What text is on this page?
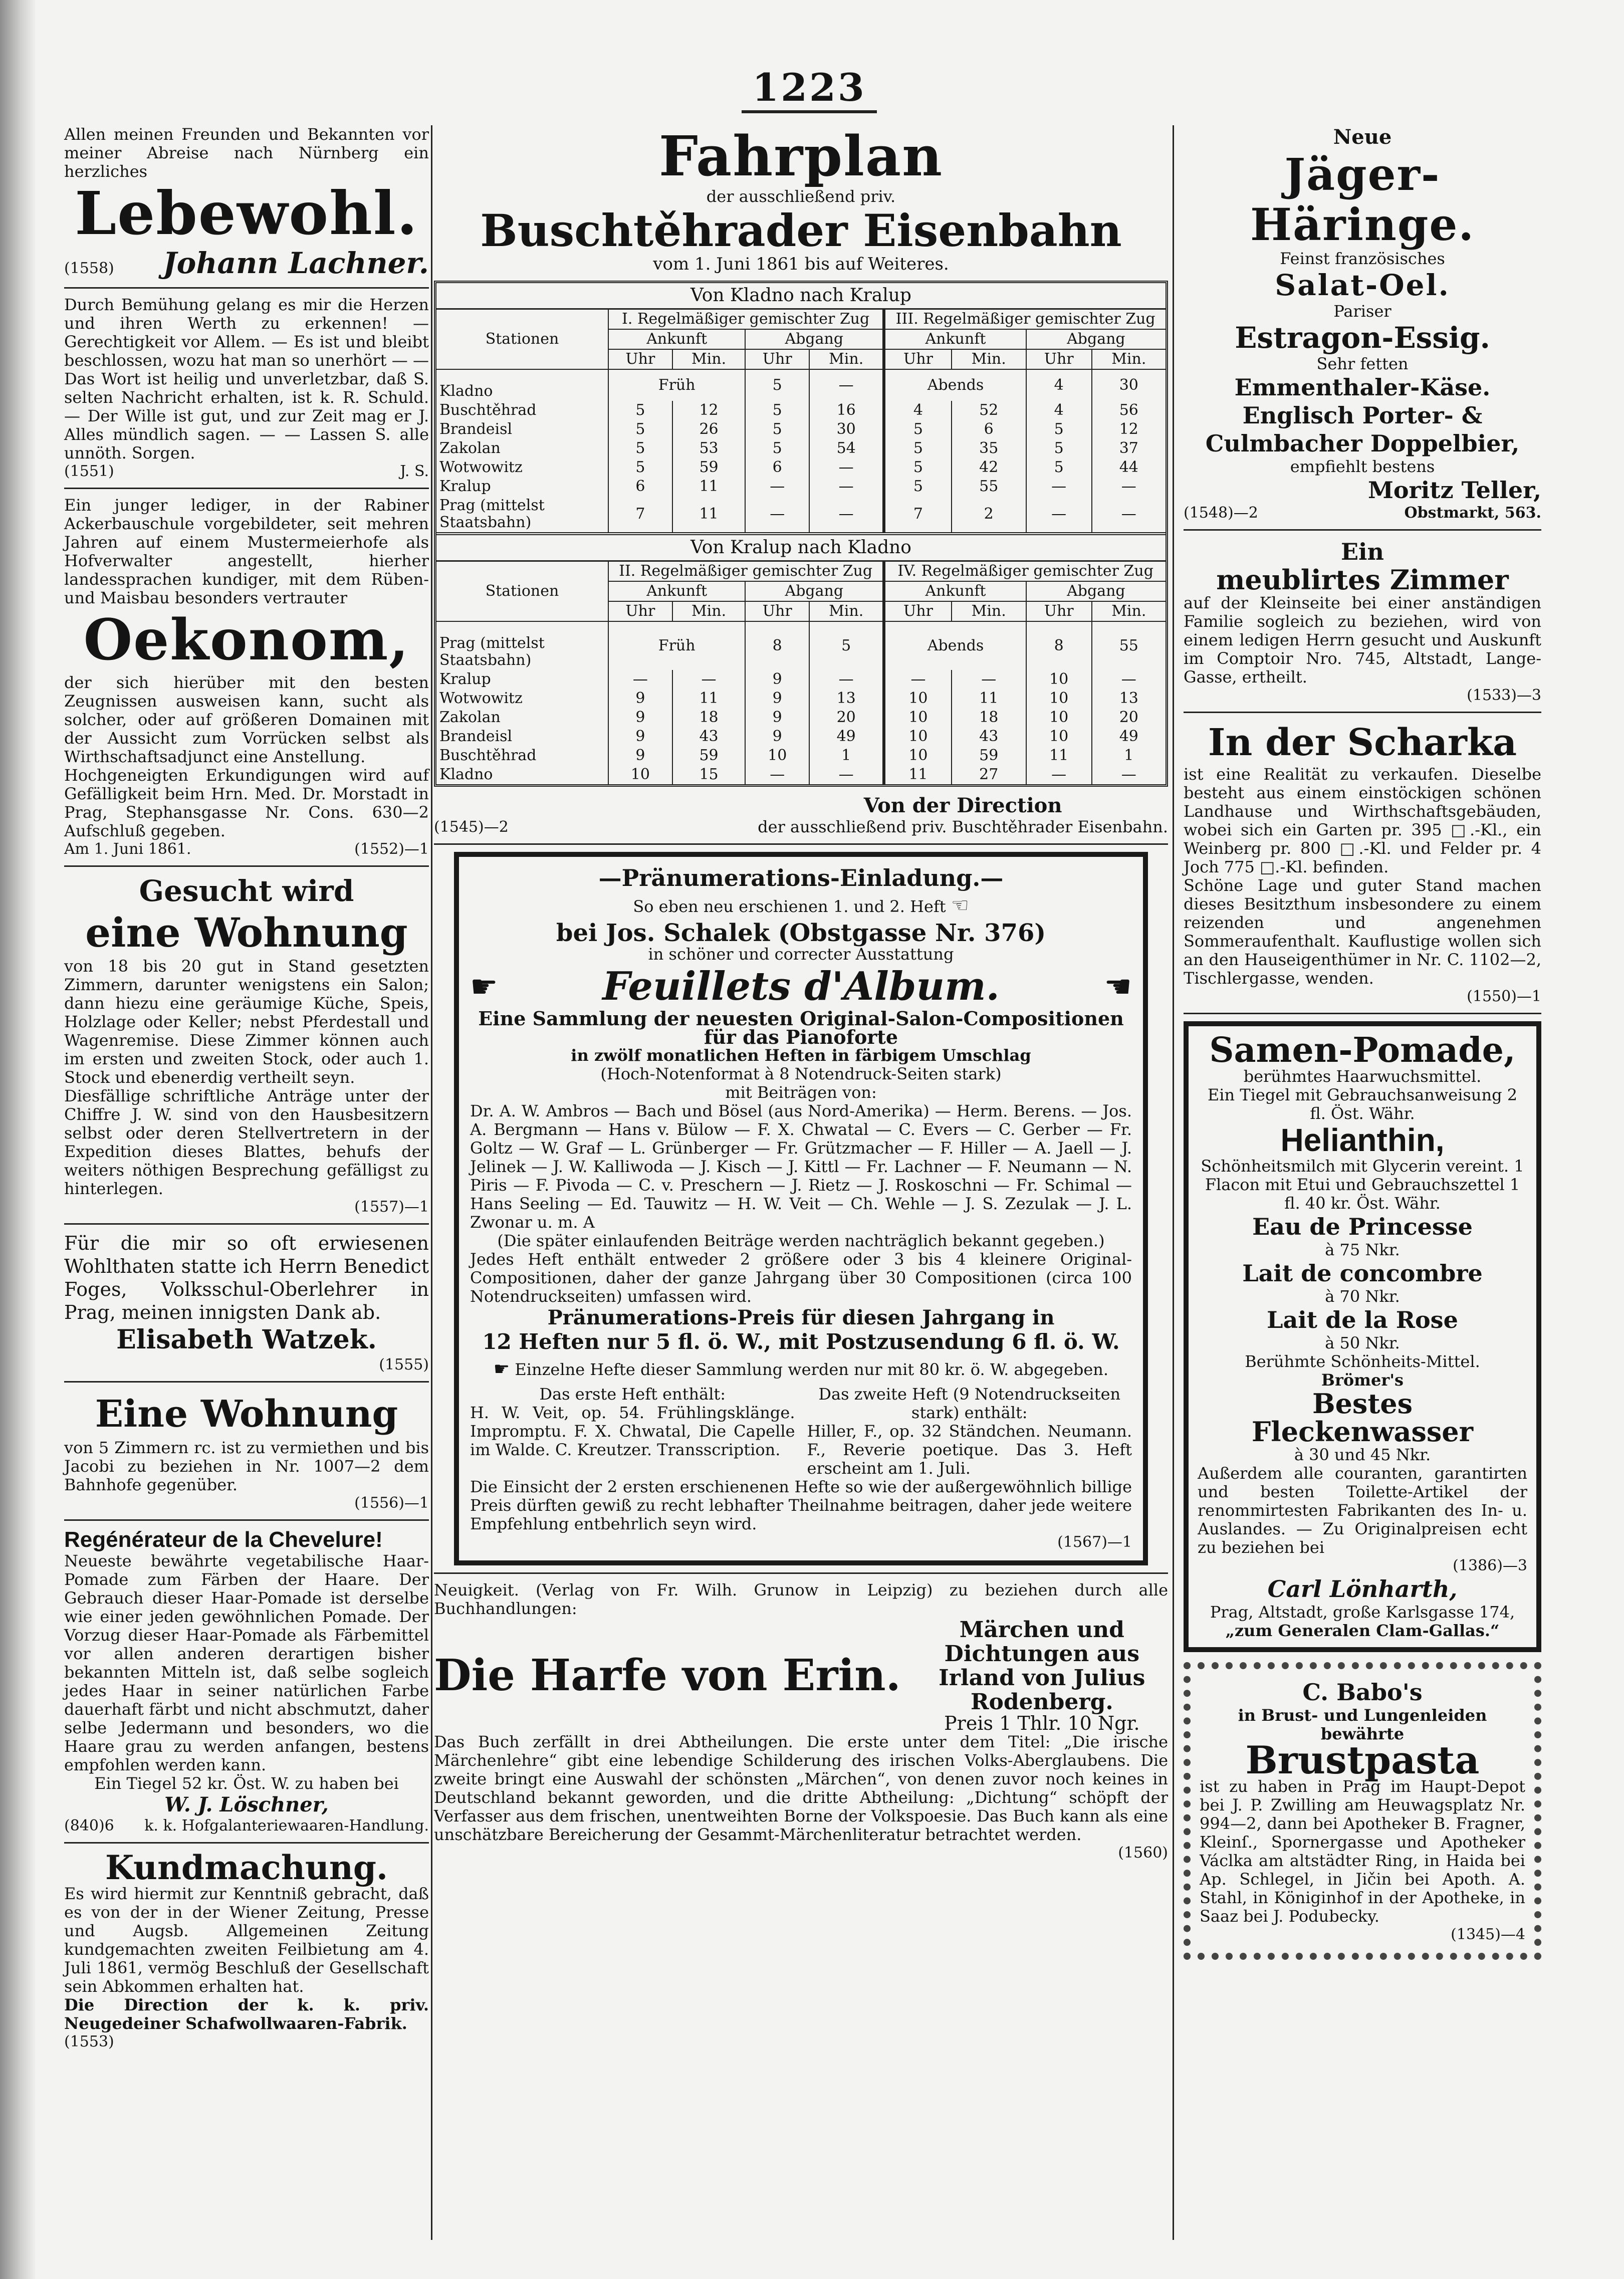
1223

Allen meinen Freunden und Bekannten vor meiner Abreise nach Nürnberg ein herzliches

Lebewohl.

(1558) Johann Lachner.

Durch Bemühung gelang es mir die Herzen und ihren Werth zu erkennen! — Gerechtigkeit vor Allem. — Es ist und bleibt beschlossen, wozu hat man so unerhört — — Das Wort ist heilig und unverletzbar, daß S. selten Nachricht erhalten, ist k. R. Schuld. — Der Wille ist gut, und zur Zeit mag er J. Alles mündlich sagen. — — Lassen S. alle unnöth. Sorgen.

(1551)	J. S.

Ein junger lediger, in der Rabiner Ackerbauschule vorgebildeter, seit mehren Jahren auf einem Mustermeierhofe als Hofverwalter angestellt, hierher landessprachen kundiger, mit dem Rüben- und Maisbau besonders vertrauter

Oekonom,

der sich hierüber mit den besten Zeugnissen ausweisen kann, sucht als solcher, oder auf größeren Domainen mit der Aussicht zum Vorrücken selbst als Wirthschaftsadjunct eine Anstellung.

Hochgeneigten Erkundigungen wird auf Gefälligkeit beim Hrn. Med. Dr. Morstadt in Prag, Stephansgasse Nr. Cons. 630—2 Aufschluß gegeben.

Am 1. Juni 1861.	(1552)—1

Gesucht wird

eine Wohnung

von 18 bis 20 gut in Stand gesetzten Zimmern, darunter wenigstens ein Salon; dann hiezu eine geräumige Küche, Speis, Holzlage oder Keller; nebst Pferdestall und Wagenremise. Diese Zimmer können auch im ersten und zweiten Stock, oder auch 1. Stock und ebenerdig vertheilt seyn.

Diesfällige schriftliche Anträge unter der Chiffre J. W. sind von den Hausbesitzern selbst oder deren Stellvertretern in der Expedition dieses Blattes, behufs der weiters nöthigen Besprechung gefälligst zu hinterlegen.

(1557)—1

Für die mir so oft erwiesenen Wohlthaten statte ich Herrn Benedict Foges, Volksschul-Oberlehrer in Prag, meinen innigsten Dank ab.

Elisabeth Watzek.

(1555)

Eine Wohnung

von 5 Zimmern rc. ist zu vermiethen und bis Jacobi zu beziehen in Nr. 1007—2 dem Bahnhofe gegenüber.

(1556)—1

Regénérateur de la Chevelure!

Neueste bewährte vegetabilische Haar-Pomade zum Färben der Haare. Der Gebrauch dieser Haar-Pomade ist derselbe wie einer jeden gewöhnlichen Pomade. Der Vorzug dieser Haar-Pomade als Färbemittel vor allen anderen derartigen bisher bekannten Mitteln ist, daß selbe sogleich jedes Haar in seiner natürlichen Farbe dauerhaft färbt und nicht abschmutzt, daher selbe Jedermann und besonders, wo die Haare grau zu werden anfangen, bestens empfohlen werden kann.

Ein Tiegel 52 kr. Öst. W. zu haben bei

W. J. Löschner,

(840)6 k. k. Hofgalanteriewaaren-Handlung.

Kundmachung.

Es wird hiermit zur Kenntniß gebracht, daß es von der in der Wiener Zeitung, Presse und Augsb. Allgemeinen Zeitung kundgemachten zweiten Feilbietung am 4. Juli 1861, vermög Beschluß der Gesellschaft sein Abkommen erhalten hat.

Die Direction der k. k. priv. Neugedeiner Schafwollwaaren-Fabrik.

(1553)

Fahrplan

der ausschließend priv.

Buschtěhrader Eisenbahn

vom 1. Juni 1861 bis auf Weiteres.

Von Kladno nach Kralup								
Stationen	I. Regelmäßiger gemischter Zug				III. Regelmäßiger gemischter Zug			
	Ankunft		Abgang		Ankunft		Abgang	
	Uhr	Min.	Uhr	Min.	Uhr	Min.	Uhr	Min.
Kladno	Früh		5	—	Abends		4	30
Buschtěhrad	5	12	5	16	4	52	4	56
Brandeisl	5	26	5	30	5	6	5	12
Zakolan	5	53	5	54	5	35	5	37
Wotwowitz	5	59	6	—	5	42	5	44
Kralup	6	11	—	—	5	55	—	—
Prag (mittelst Staatsbahn)	7	11	—	—	7	2	—	—
Von Kralup nach Kladno								
Stationen	II. Regelmäßiger gemischter Zug				IV. Regelmäßiger gemischter Zug			
	Ankunft		Abgang		Ankunft		Abgang	
	Uhr	Min.	Uhr	Min.	Uhr	Min.	Uhr	Min.
Prag (mittelst Staatsbahn)	Früh		8	5	Abends		8	55
Kralup	—	—	9	—	—	—	10	—
Wotwowitz	9	11	9	13	10	11	10	13
Zakolan	9	18	9	20	10	18	10	20
Brandeisl	9	43	9	49	10	43	10	49
Buschtěhrad	9	59	10	1	10	59	11	1
Kladno	10	15	—	—	11	27	—	—
(1545)—2

Von der Direction

der ausschließend priv. Buschtěhrader Eisenbahn.

—Pränumerations-Einladung.—

So eben neu erschienen 1. und 2. Heft ☜

bei Jos. Schalek (Obstgasse Nr. 376)

in schöner und correcter Ausstattung

☛	Feuillets d'Album.	☚

Eine Sammlung der neuesten Original-Salon-Compositionen

für das Pianoforte

in zwölf monatlichen Heften in färbigem Umschlag

(Hoch-Notenformat à 8 Notendruck-Seiten stark)

mit Beiträgen von:

Dr. A. W. Ambros — Bach und Bösel (aus Nord-Amerika) — Herm. Berens. — Jos. A. Bergmann — Hans v. Bülow — F. X. Chwatal — C. Evers — C. Gerber — Fr. Goltz — W. Graf — L. Grünberger — Fr. Grützmacher — F. Hiller — A. Jaell — J. Jelinek — J. W. Kalliwoda — J. Kisch — J. Kittl — Fr. Lachner — F. Neumann — N. Piris — F. Pivoda — C. v. Preschern — J. Rietz — J. Roskoschni — Fr. Schimal — Hans Seeling — Ed. Tauwitz — H. W. Veit — Ch. Wehle — J. S. Zezulak — J. L. Zwonar u. m. A

(Die später einlaufenden Beiträge werden nachträglich bekannt gegeben.)

Jedes Heft enthält entweder 2 größere oder 3 bis 4 kleinere Original-Compositionen, daher der ganze Jahrgang über 30 Compositionen (circa 100 Notendruckseiten) umfassen wird.

Pränumerations-Preis für diesen Jahrgang in

12 Heften nur 5 fl. ö. W., mit Postzusendung 6 fl. ö. W.

☛ Einzelne Hefte dieser Sammlung werden nur mit 80 kr. ö. W. abgegeben.

Das erste Heft enthält:

H. W. Veit, op. 54. Frühlingsklänge. Impromptu. F. X. Chwatal, Die Capelle im Walde. C. Kreutzer. Transscription.

Das zweite Heft (9 Notendruckseiten stark) enthält:

Hiller, F., op. 32 Ständchen. Neumann. F., Reverie poetique. Das 3. Heft erscheint am 1. Juli.

Die Einsicht der 2 ersten erschienenen Hefte so wie der außergewöhnlich billige Preis dürften gewiß zu recht lebhafter Theilnahme beitragen, daher jede weitere Empfehlung entbehrlich seyn wird.

(1567)—1

Neuigkeit. (Verlag von Fr. Wilh. Grunow in Leipzig) zu beziehen durch alle Buchhandlungen:

Die Harfe von Erin.

Märchen und Dichtungen aus Irland von Julius Rodenberg.

Preis 1 Thlr. 10 Ngr.

Das Buch zerfällt in drei Abtheilungen. Die erste unter dem Titel: „Die irische Märchenlehre“ gibt eine lebendige Schilderung des irischen Volks-Aberglaubens. Die zweite bringt eine Auswahl der schönsten „Märchen“, von denen zuvor noch keines in Deutschland bekannt geworden, und die dritte Abtheilung: „Dichtung“ schöpft der Verfasser aus dem frischen, unentweihten Borne der Volkspoesie. Das Buch kann als eine unschätzbare Bereicherung der Gesammt-Märchenliteratur betrachtet werden.

(1560)

Neue

Jäger-Häringe.

Feinst französisches

Salat-Oel.

Pariser

Estragon-Essig.

Sehr fetten

Emmenthaler-Käse.

Englisch Porter- & Culmbacher Doppelbier,

empfiehlt bestens

Moritz Teller,

(1548)—2	Obstmarkt, 563.

Ein

meublirtes Zimmer

auf der Kleinseite bei einer anständigen Familie sogleich zu beziehen, wird von einem ledigen Herrn gesucht und Auskunft im Comptoir Nro. 745, Altstadt, Lange-Gasse, ertheilt.

(1533)—3

In der Scharka

ist eine Realität zu verkaufen. Dieselbe besteht aus einem einstöckigen schönen Landhause und Wirthschaftsgebäuden, wobei sich ein Garten pr. 395 □.-Kl., ein Weinberg pr. 800 □.-Kl. und Felder pr. 4 Joch 775 □.-Kl. befinden.

Schöne Lage und guter Stand machen dieses Besitzthum insbesondere zu einem reizenden und angenehmen Sommeraufenthalt. Kauflustige wollen sich an den Hauseigenthümer in Nr. C. 1102—2, Tischlergasse, wenden.

(1550)—1

Samen-Pomade,

berühmtes Haarwuchsmittel.

Ein Tiegel mit Gebrauchsanweisung 2 fl. Öst. Währ.

Helianthin,

Schönheitsmilch mit Glycerin vereint. 1 Flacon mit Etui und Gebrauchszettel 1 fl. 40 kr. Öst. Währ.

Eau de Princesse

à 75 Nkr.

Lait de concombre

à 70 Nkr.

Lait de la Rose

à 50 Nkr.

Berühmte Schönheits-Mittel.

Brömer's

Bestes Fleckenwasser

à 30 und 45 Nkr.

Außerdem alle couranten, garantirten und besten Toilette-Artikel der renommirtesten Fabrikanten des In- u. Auslandes. — Zu Originalpreisen echt zu beziehen bei

(1386)—3

Carl Lönharth,

Prag, Altstadt, große Karlsgasse 174,

„zum Generalen Clam-Gallas.“

C. Babo's

in Brust- und Lungenleiden bewährte

Brustpasta

ist zu haben in Prag im Haupt-Depot bei J. P. Zwilling am Heuwagsplatz Nr. 994—2, dann bei Apotheker B. Fragner, Kleinſ., Spornergasse und Apotheker Václka am altstädter Ring, in Haida bei Ap. Schlegel, in Jičin bei Apoth. A. Stahl, in Königinhof in der Apotheke, in Saaz bei J. Podubecky.

(1345)—4
